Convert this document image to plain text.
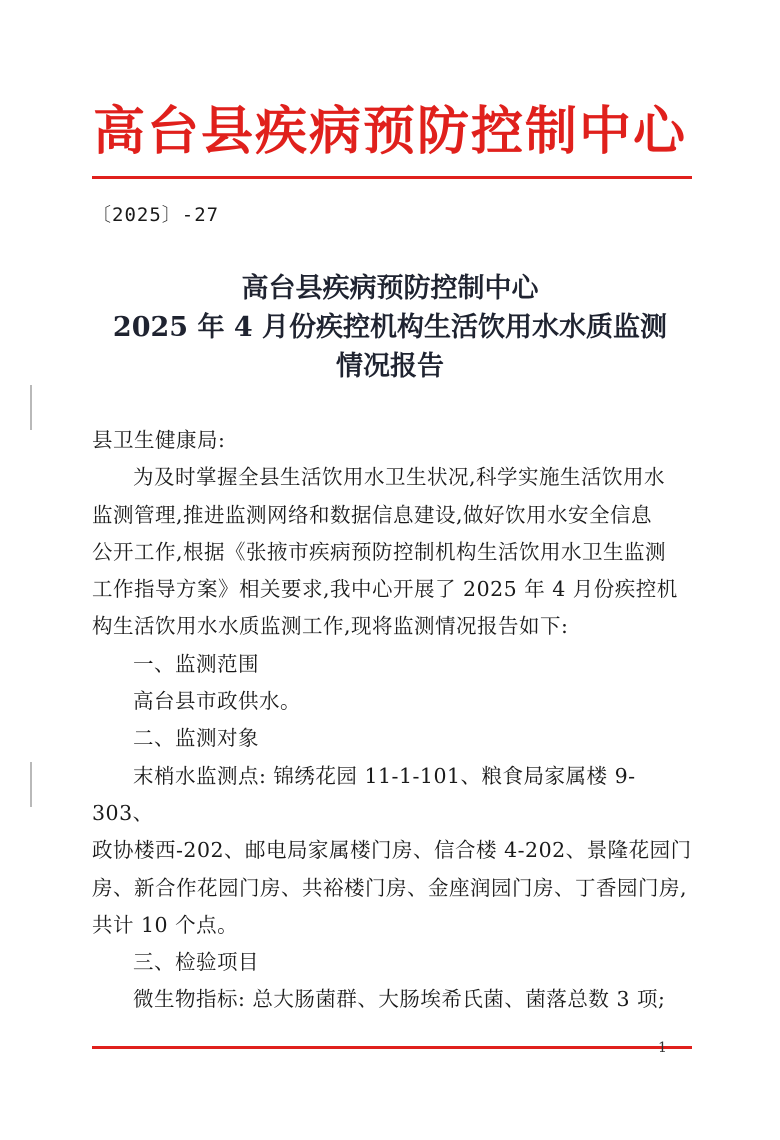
高台县疾病预防控制中心
〔2025〕-27
高台县疾病预防控制中心
2025 年 4 月份疾控机构生活饮用水水质监测
情况报告

县卫生健康局:

为及时掌握全县生活饮用水卫生状况,科学实施生活饮用水

监测管理,推进监测网络和数据信息建设,做好饮用水安全信息

公开工作,根据《张掖市疾病预防控制机构生活饮用水卫生监测

工作指导方案》相关要求,我中心开展了 2025 年 4 月份疾控机

构生活饮用水水质监测工作,现将监测情况报告如下:

一、监测范围

高台县市政供水。

二、监测对象

末梢水监测点: 锦绣花园 11-1-101、粮食局家属楼 9-303、

政协楼西-202、邮电局家属楼门房、信合楼 4-202、景隆花园门

房、新合作花园门房、共裕楼门房、金座润园门房、丁香园门房,

共计 10 个点。

三、检验项目

微生物指标: 总大肠菌群、大肠埃希氏菌、菌落总数 3 项;

1
